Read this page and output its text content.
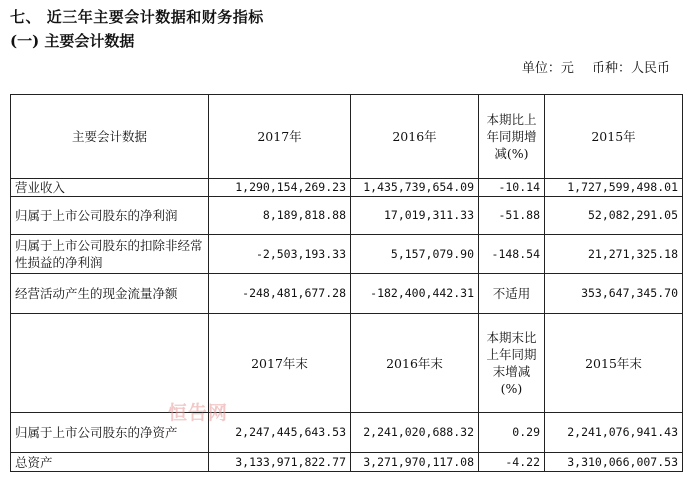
七、 近三年主要会计数据和财务指标
(一) 主要会计数据
单位：元 币种：人民币
主要会计数据	2017年	2016年	本期比上年同期增减(%)	2015年
营业收入	1,290,154,269.23	1,435,739,654.09	-10.14	1,727,599,498.01
归属于上市公司股东的净利润	8,189,818.88	17,019,311.33	-51.88	52,082,291.05
归属于上市公司股东的扣除非经常性损益的净利润	-2,503,193.33	5,157,079.90	-148.54	21,271,325.18
经营活动产生的现金流量净额	-248,481,677.28	-182,400,442.31	不适用	353,647,345.70
	2017年末	2016年末	本期末比上年同期末增减(%)	2015年末
归属于上市公司股东的净资产	2,247,445,643.53	2,241,020,688.32	0.29	2,241,076,941.43
总资产	3,133,971,822.77	3,271,970,117.08	-4.22	3,310,066,007.53
恒告网
